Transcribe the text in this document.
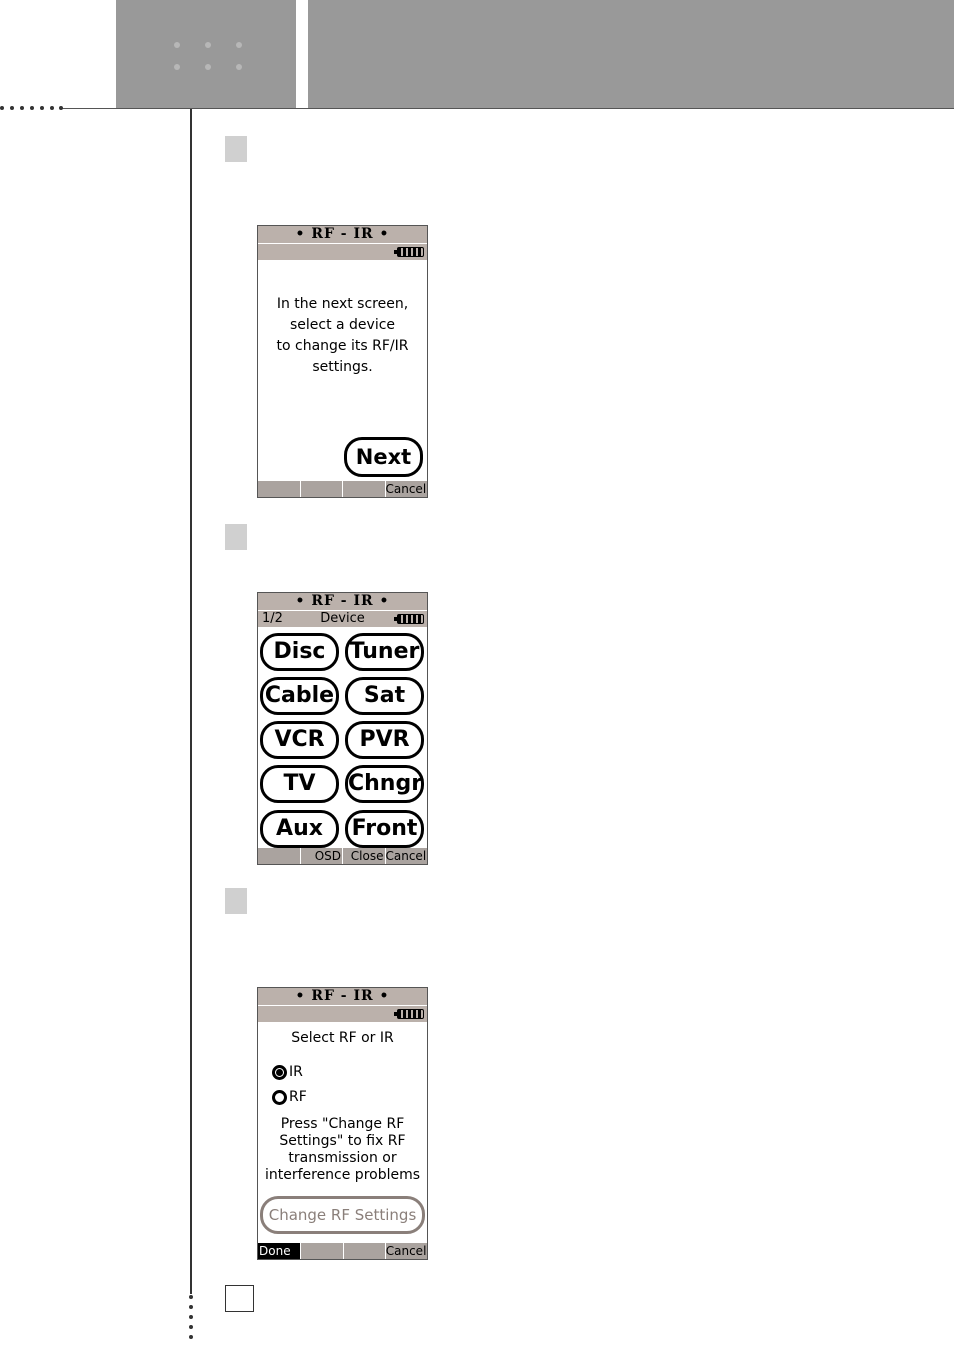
• RF - IR •
In the next screen,
select a device
to change its RF/IR
settings.
Next
Cancel
• RF - IR •
Device
1/2
Disc	Tuner
Cable	Sat
VCR	PVR
TV	Chngr
Aux	Front
OSD Close Cancel
• RF - IR •
Select RF or IR
IR
RF
Press "Change RF
Settings" to fix RF
transmission or
interference problems
Change RF Settings
Done	Cancel
